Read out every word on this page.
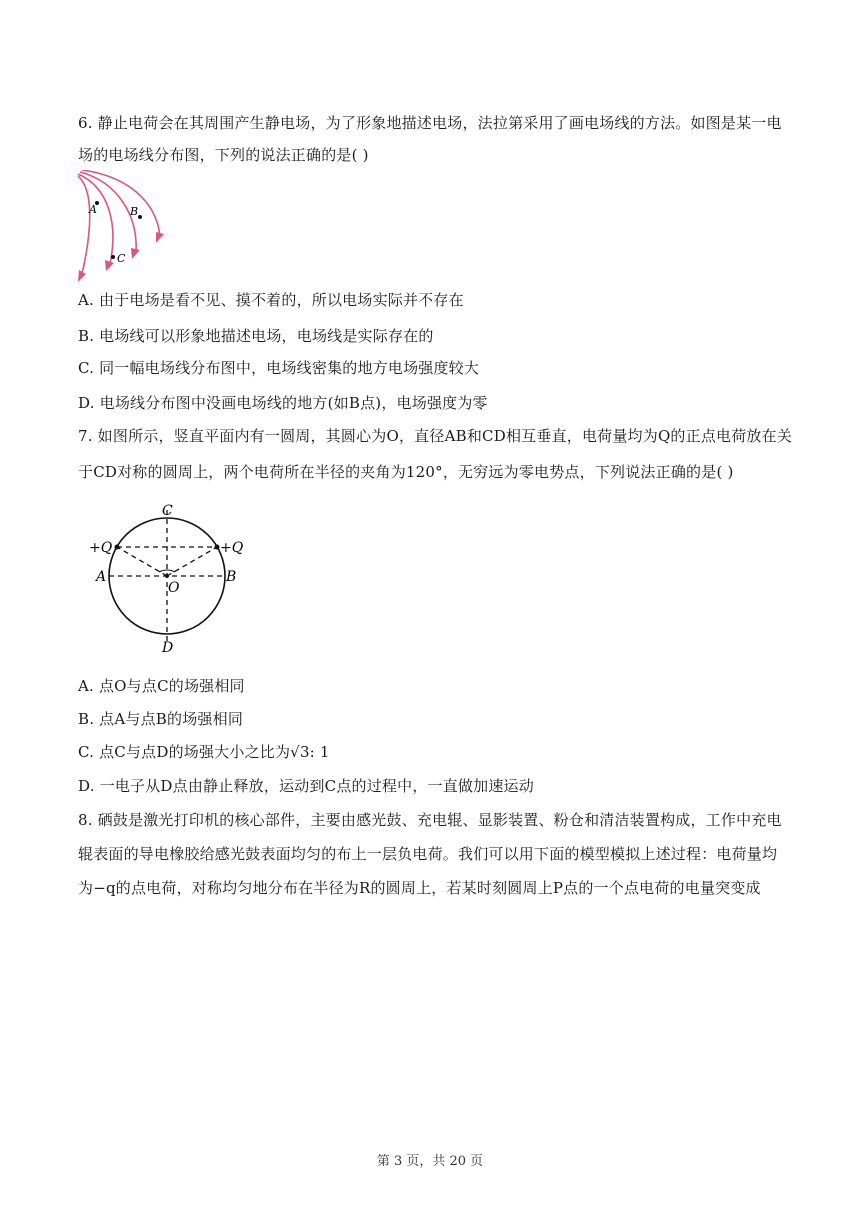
6. 静止电荷会在其周围产生静电场，为了形象地描述电场，法拉第采用了画电场线的方法。如图是某一电
场的电场线分布图，下列的说法正确的是( )
A	B
C
A. 由于电场是看不见、摸不着的，所以电场实际并不存在
B. 电场线可以形象地描述电场，电场线是实际存在的
C. 同一幅电场线分布图中，电场线密集的地方电场强度较大
D. 电场线分布图中没画电场线的地方(如B点)，电场强度为零
7. 如图所示，竖直平面内有一圆周，其圆心为O，直径AB和CD相互垂直，电荷量均为Q的正点电荷放在关
于CD对称的圆周上，两个电荷所在半径的夹角为120°，无穷远为零电势点，下列说法正确的是( )
C
D
A	B
O
+Q	+Q
A. 点O与点C的场强相同
B. 点A与点B的场强相同
C. 点C与点D的场强大小之比为√3: 1
D. 一电子从D点由静止释放，运动到C点的过程中，一直做加速运动
8. 硒鼓是激光打印机的核心部件，主要由感光鼓、充电辊、显影装置、粉仓和清洁装置构成，工作中充电
辊表面的导电橡胶给感光鼓表面均匀的布上一层负电荷。我们可以用下面的模型模拟上述过程：电荷量均
为−q的点电荷，对称均匀地分布在半径为R的圆周上，若某时刻圆周上P点的一个点电荷的电量突变成
第 3 页，共 20 页
